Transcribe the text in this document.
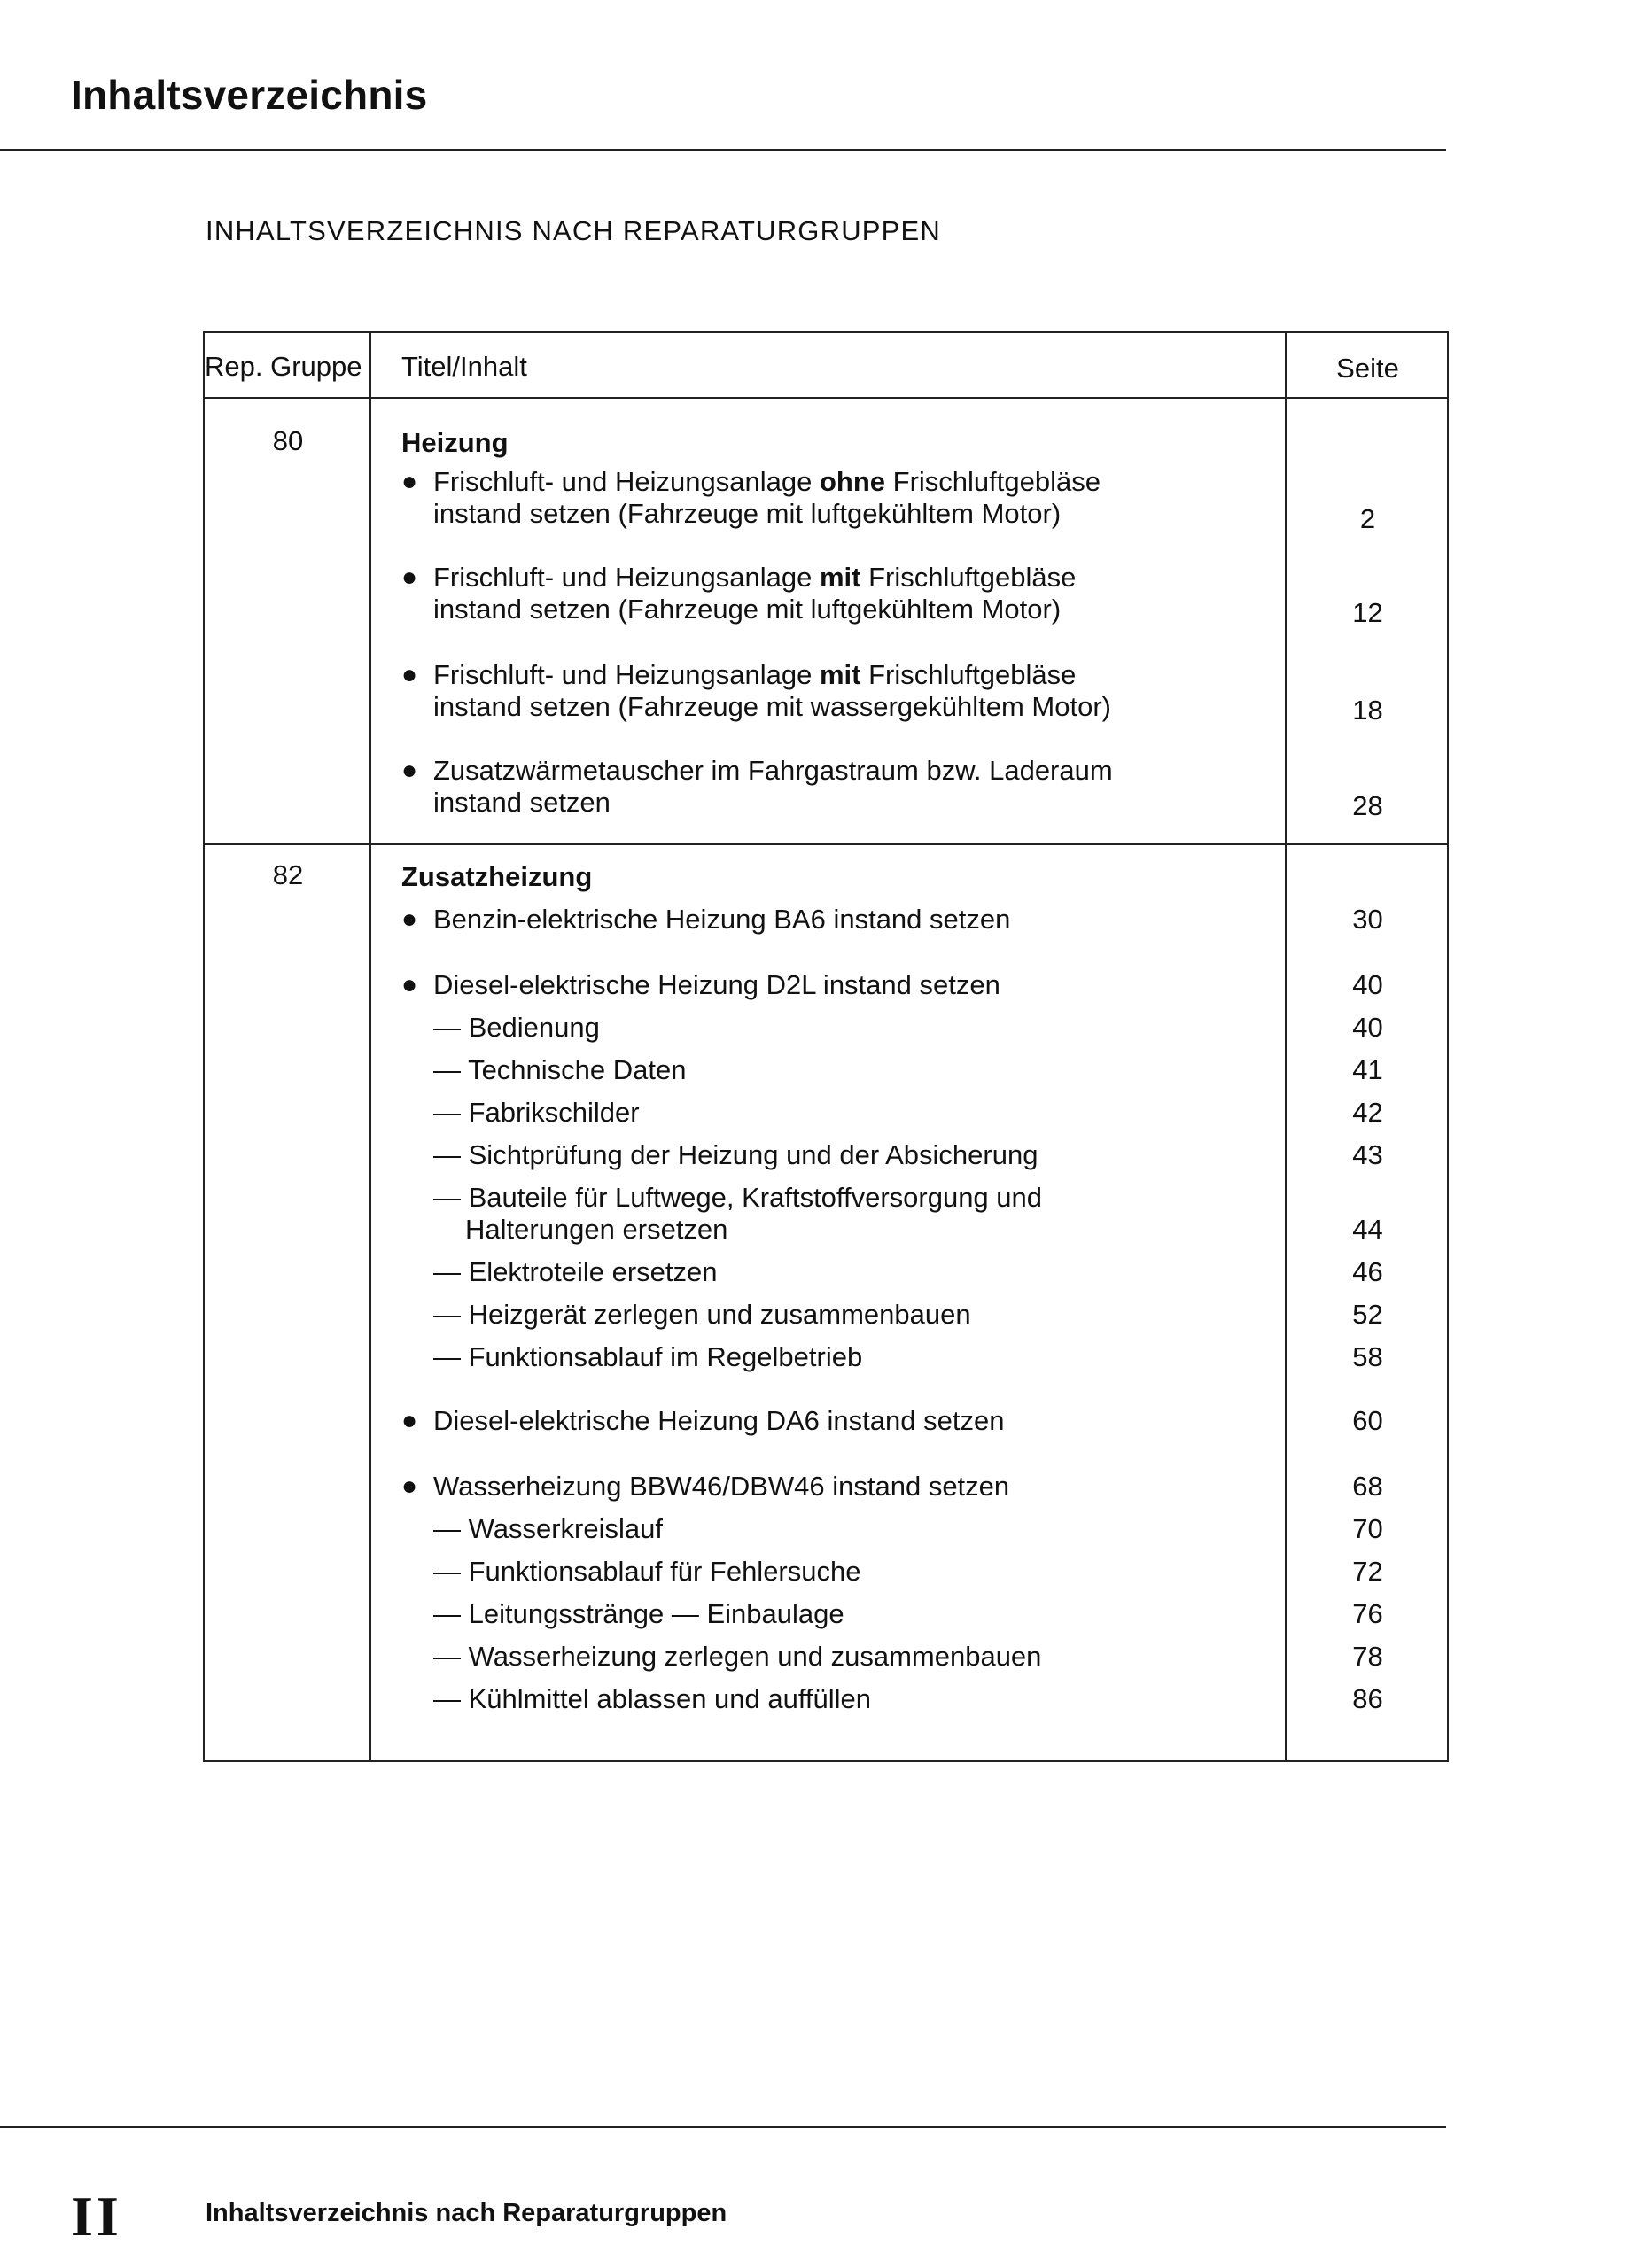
Inhaltsverzeichnis
INHALTSVERZEICHNIS NACH REPARATURGRUPPEN
Rep. Gruppe Titel/Inhalt	Seite
80	Heizung
● Frischluft- und Heizungsanlage ohne Frischluftgebläse
instand setzen (Fahrzeuge mit luftgekühltem Motor)	2
● Frischluft- und Heizungsanlage mit Frischluftgebläse
instand setzen (Fahrzeuge mit luftgekühltem Motor)	12
● Frischluft- und Heizungsanlage mit Frischluftgebläse
instand setzen (Fahrzeuge mit wassergekühltem Motor)	18
● Zusatzwärmetauscher im Fahrgastraum bzw. Laderaum
instand setzen	28
82	Zusatzheizung
● Benzin-elektrische Heizung BA6 instand setzen	30
● Diesel-elektrische Heizung D2L instand setzen	40
— Bedienung	40
— Technische Daten	41
— Fabrikschilder	42
— Sichtprüfung der Heizung und der Absicherung	43
— Bauteile für Luftwege, Kraftstoffversorgung und
Halterungen ersetzen	44
— Elektroteile ersetzen	46
— Heizgerät zerlegen und zusammenbauen	52
— Funktionsablauf im Regelbetrieb	58
● Diesel-elektrische Heizung DA6 instand setzen	60
● Wasserheizung BBW46/DBW46 instand setzen	68
— Wasserkreislauf	70
— Funktionsablauf für Fehlersuche	72
— Leitungsstränge — Einbaulage	76
— Wasserheizung zerlegen und zusammenbauen	78
— Kühlmittel ablassen und auffüllen	86
II	Inhaltsverzeichnis nach Reparaturgruppen
